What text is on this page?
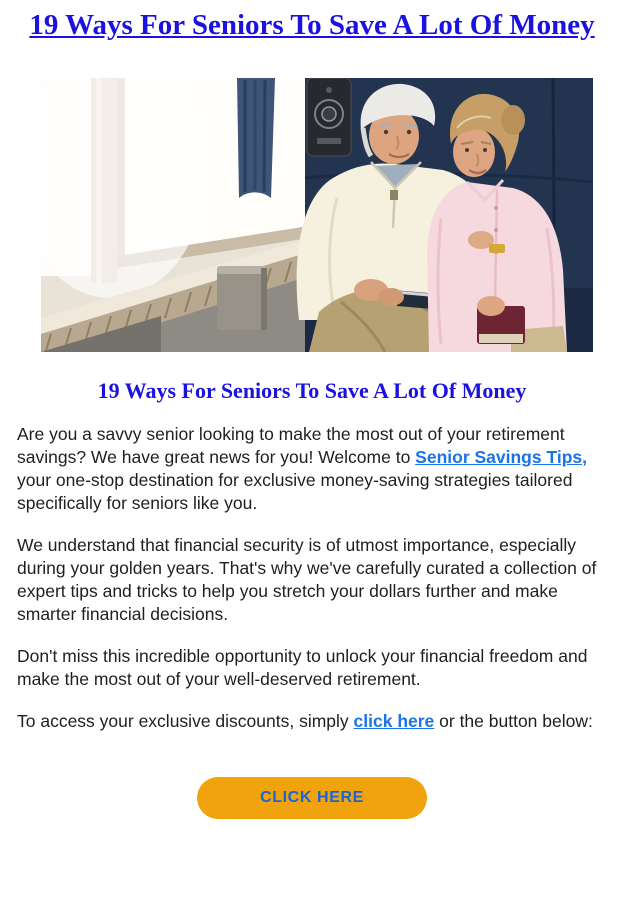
19 Ways For Seniors To Save A Lot Of Money
19 Ways For Seniors To Save A Lot Of Money

Are you a savvy senior looking to make the most out of your retirement savings? We have great news for you! Welcome to Senior Savings Tips, your one-stop destination for exclusive money-saving strategies tailored specifically for seniors like you.

We understand that financial security is of utmost importance, especially during your golden years. That's why we've carefully curated a collection of expert tips and tricks to help you stretch your dollars further and make smarter financial decisions.

Don't miss this incredible opportunity to unlock your financial freedom and make the most out of your well-deserved retirement.

To access your exclusive discounts, simply click here or the button below:

CLICK HERE
